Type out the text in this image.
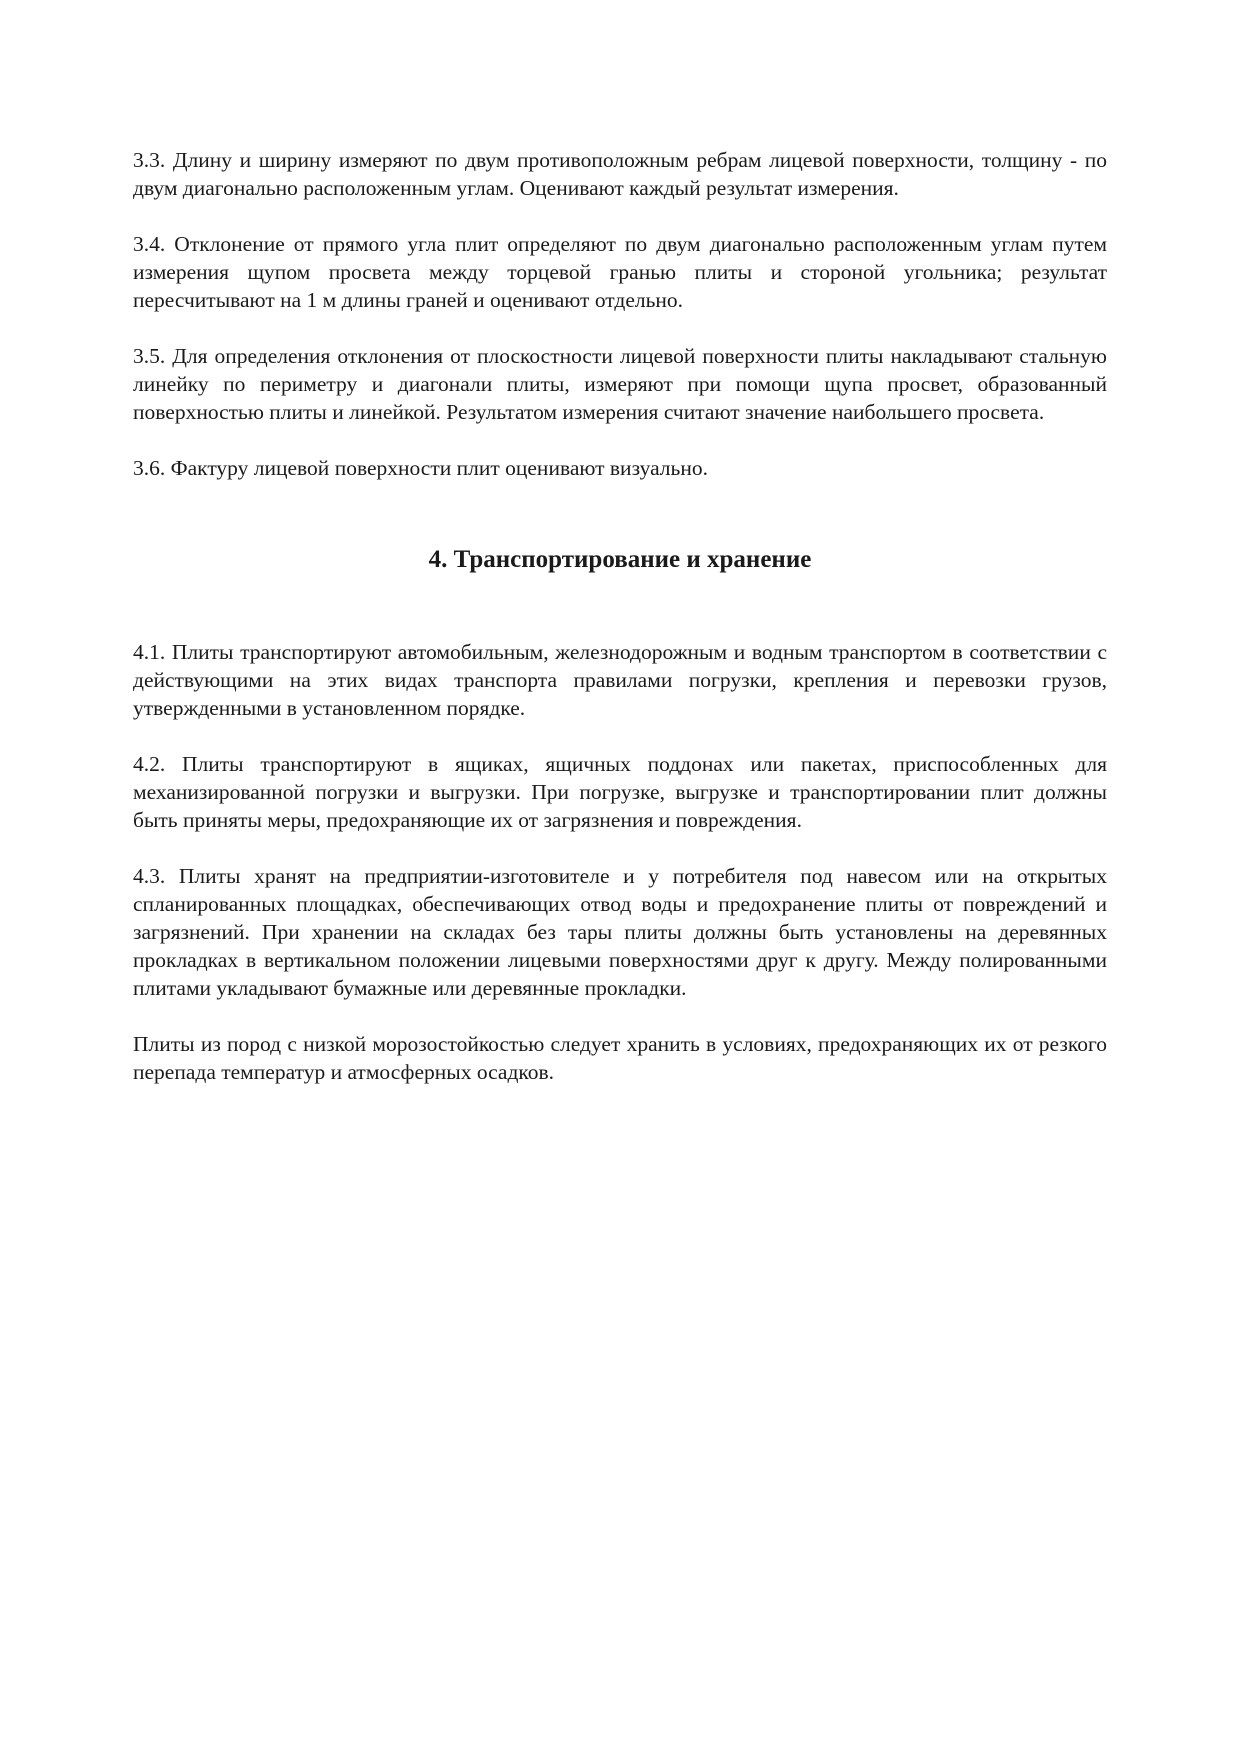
3.3. Длину и ширину измеряют по двум противоположным ребрам лицевой поверхности, толщину - по двум диагонально расположенным углам. Оценивают каждый результат измерения.

3.4. Отклонение от прямого угла плит определяют по двум диагонально расположенным углам путем измерения щупом просвета между торцевой гранью плиты и стороной угольника; результат пересчитывают на 1 м длины граней и оценивают отдельно.

3.5. Для определения отклонения от плоскостности лицевой поверхности плиты накладывают стальную линейку по периметру и диагонали плиты, измеряют при помощи щупа просвет, образованный поверхностью плиты и линейкой. Результатом измерения считают значение наибольшего просвета.

3.6. Фактуру лицевой поверхности плит оценивают визуально.

4. Транспортирование и хранение

4.1. Плиты транспортируют автомобильным, железнодорожным и водным транспортом в соответствии с действующими на этих видах транспорта правилами погрузки, крепления и перевозки грузов, утвержденными в установленном порядке.

4.2. Плиты транспортируют в ящиках, ящичных поддонах или пакетах, приспособленных для механизированной погрузки и выгрузки. При погрузке, выгрузке и транспортировании плит должны быть приняты меры, предохраняющие их от загрязнения и повреждения.

4.3. Плиты хранят на предприятии-изготовителе и у потребителя под навесом или на открытых спланированных площадках, обеспечивающих отвод воды и предохранение плиты от повреждений и загрязнений. При хранении на складах без тары плиты должны быть установлены на деревянных прокладках в вертикальном положении лицевыми поверхностями друг к другу. Между полированными плитами укладывают бумажные или деревянные прокладки.

Плиты из пород с низкой морозостойкостью следует хранить в условиях, предохраняющих их от резкого перепада температур и атмосферных осадков.
